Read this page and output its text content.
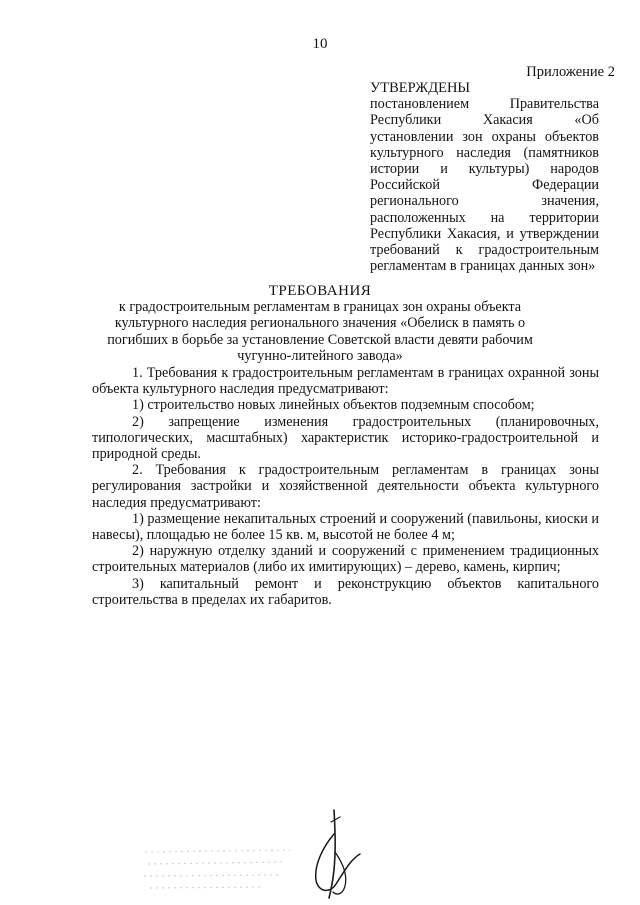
10
Приложение 2
УТВЕРЖДЕНЫ
постановлением Правительства Республики Хакасия «Об установлении зон охраны объектов культурного наследия (памятников истории и культуры) народов Российской Федерации регионального значения, расположенных на территории Республики Хакасия, и утверждении требований к градостроительным регламентам в границах данных зон»
ТРЕБОВАНИЯ
к градостроительным регламентам в границах зон охраны объекта культурного наследия регионального значения «Обелиск в память о погибших в борьбе за установление Советской власти девяти рабочим чугунно-литейного завода»

1. Требования к градостроительным регламентам в границах охранной зоны объекта культурного наследия предусматривают:

1) строительство новых линейных объектов подземным способом;

2) запрещение изменения градостроительных (планировочных, типологических, масштабных) характеристик историко-градостроительной и природной среды.

2. Требования к градостроительным регламентам в границах зоны регулирования застройки и хозяйственной деятельности объекта культурного наследия предусматривают:

1) размещение некапитальных строений и сооружений (павильоны, киоски и навесы), площадью не более 15 кв. м, высотой не более 4 м;

2) наружную отделку зданий и сооружений с применением традиционных строительных материалов (либо их имитирующих) – дерево, камень, кирпич;

3) капитальный ремонт и реконструкцию объектов капитального строительства в пределах их габаритов.
